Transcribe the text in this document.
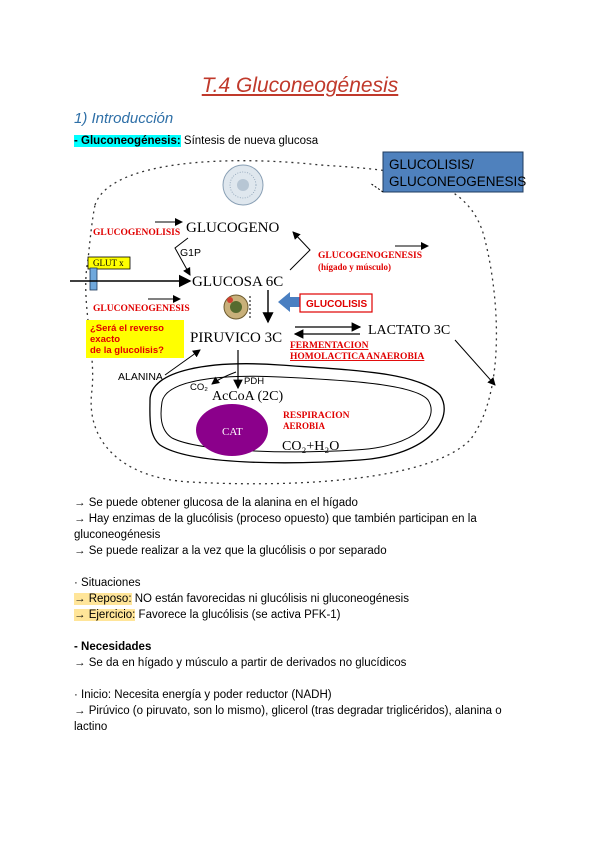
T.4 Gluconeogénesis
1) Introducción
- Gluconeogénesis: Síntesis de nueva glucosa
GLUCOLISIS/
GLUCONEOGENESIS
GLUCOGENOLISIS GLUCOGENO
G1P	GLUCOGENOGENESIS
(hígado y músculo)
GLUT x
GLUCOSA 6C
GLUCONEOGENESIS	GLUCOLISIS
¿Será el reverso
exacto
de la glucolisis?
PIRUVICO 3C	LACTATO 3C
FERMENTACION
HOMOLACTICA ANAEROBIA
ALANINA	PDH
CO₂
AcCoA (2C)
CAT
RESPIRACION
AEROBIA
CO₂+H₂O

→ Se puede obtener glucosa de la alanina en el hígado

→ Hay enzimas de la glucólisis (proceso opuesto) que también participan en la

gluconeogénesis

→ Se puede realizar a la vez que la glucólisis o por separado

· Situaciones

→ Reposo: NO están favorecidas ni glucólisis ni gluconeogénesis

→ Ejercicio: Favorece la glucólisis (se activa PFK-1)

- Necesidades

→ Se da en hígado y músculo a partir de derivados no glucídicos

· Inicio: Necesita energía y poder reductor (NADH)

→ Pirúvico (o piruvato, son lo mismo), glicerol (tras degradar triglicéridos), alanina o

lactino
